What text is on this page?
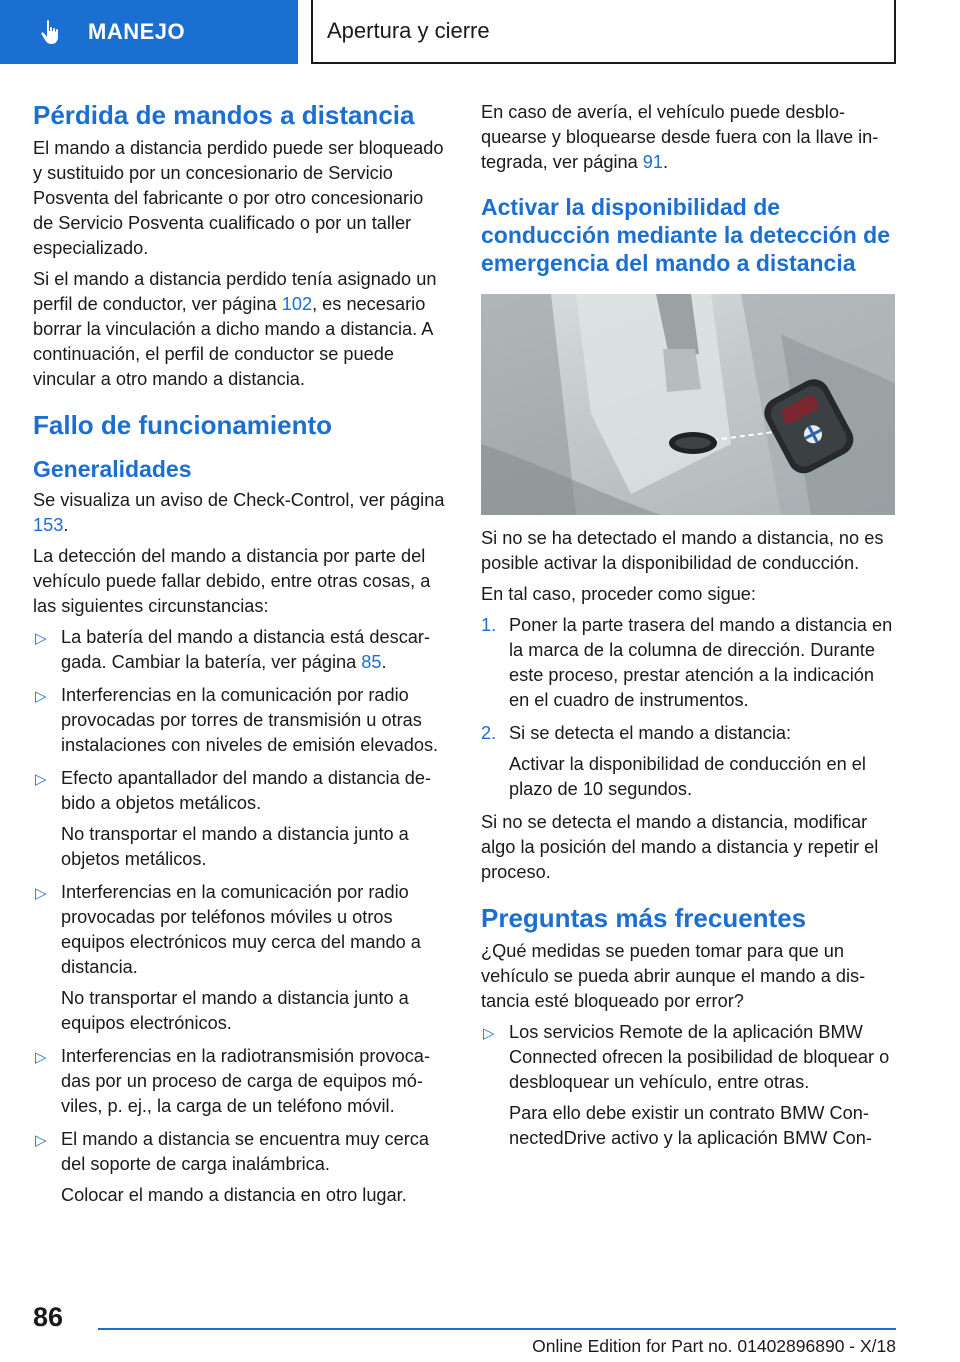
MANEJO	Apertura y cierre
Pérdida de mandos a distancia

El mando a distancia perdido puede ser bloqueado y sustituido por un concesionario de Servicio Posventa del fabricante o por otro concesionario de Servicio Posventa cualificado o por un taller especializado.

Si el mando a distancia perdido tenía asignado un perfil de conductor, ver página 102, es necesario borrar la vinculación a dicho mando a distancia. A continuación, el perfil de conductor se puede vincular a otro mando a distancia.

Fallo de funcionamiento
Generalidades

Se visualiza un aviso de Check-Control, ver página 153.

La detección del mando a distancia por parte del vehículo puede fallar debido, entre otras cosas, a las siguientes circunstancias:

▷ La batería del mando a distancia está descargada. Cambiar la batería, ver página 85.
▷ Interferencias en la comunicación por radio provocadas por torres de transmisión u otras instalaciones con niveles de emisión elevados.
▷ Efecto apantallador del mando a distancia debido a objetos metálicos.
No transportar el mando a distancia junto a objetos metálicos.
▷ Interferencias en la comunicación por radio provocadas por teléfonos móviles u otros equipos electrónicos muy cerca del mando a distancia.
No transportar el mando a distancia junto a equipos electrónicos.
▷ Interferencias en la radiotransmisión provocadas por un proceso de carga de equipos móviles, p. ej., la carga de un teléfono móvil.
▷ El mando a distancia se encuentra muy cerca del soporte de carga inalámbrica.
Colocar el mando a distancia en otro lugar.

En caso de avería, el vehículo puede desbloquearse y bloquearse desde fuera con la llave integrada, ver página 91.

Activar la disponibilidad de conducción mediante la detección de emergencia del mando a distancia

Si no se ha detectado el mando a distancia, no es posible activar la disponibilidad de conducción.

En tal caso, proceder como sigue:

1. Poner la parte trasera del mando a distancia en la marca de la columna de dirección. Durante este proceso, prestar atención a la indicación en el cuadro de instrumentos.
2. Si se detecta el mando a distancia:
Activar la disponibilidad de conducción en el plazo de 10 segundos.

Si no se detecta el mando a distancia, modificar algo la posición del mando a distancia y repetir el proceso.

Preguntas más frecuentes

¿Qué medidas se pueden tomar para que un vehículo se pueda abrir aunque el mando a distancia esté bloqueado por error?

▷ Los servicios Remote de la aplicación BMW Connected ofrecen la posibilidad de bloquear o desbloquear un vehículo, entre otras.
Para ello debe existir un contrato BMW ConnectedDrive activo y la aplicación BMW Con-
86
Online Edition for Part no. 01402896890 - X/18
